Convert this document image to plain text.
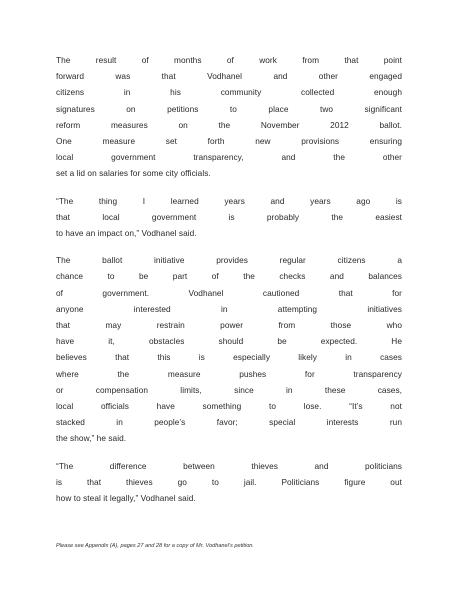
The result of months of work from that point
forward was that Vodhanel and other engaged
citizens in his community collected enough
signatures on petitions to place two significant
reform measures on the November 2012 ballot.
One measure set forth new provisions ensuring
local government transparency, and the other
set a lid on salaries for some city officials.

“The thing I learned years and years ago is
that local government is probably the easiest
to have an impact on,” Vodhanel said.

The ballot initiative provides regular citizens a
chance to be part of the checks and balances
of government. Vodhanel cautioned that for
anyone interested in attempting initiatives
that may restrain power from those who
have it, obstacles should be expected. He
believes that this is especially likely in cases
where the measure pushes for transparency
or compensation limits, since in these cases,
local officials have something to lose. “It’s not
stacked in people’s favor; special interests run
the show,” he said.

“The difference between thieves and politicians
is that thieves go to jail. Politicians figure out
how to steal it legally,” Vodhanel said.

Please see Appendix (A), pages 27 and 28 for a copy of Mr. Vodhanel’s petition.
